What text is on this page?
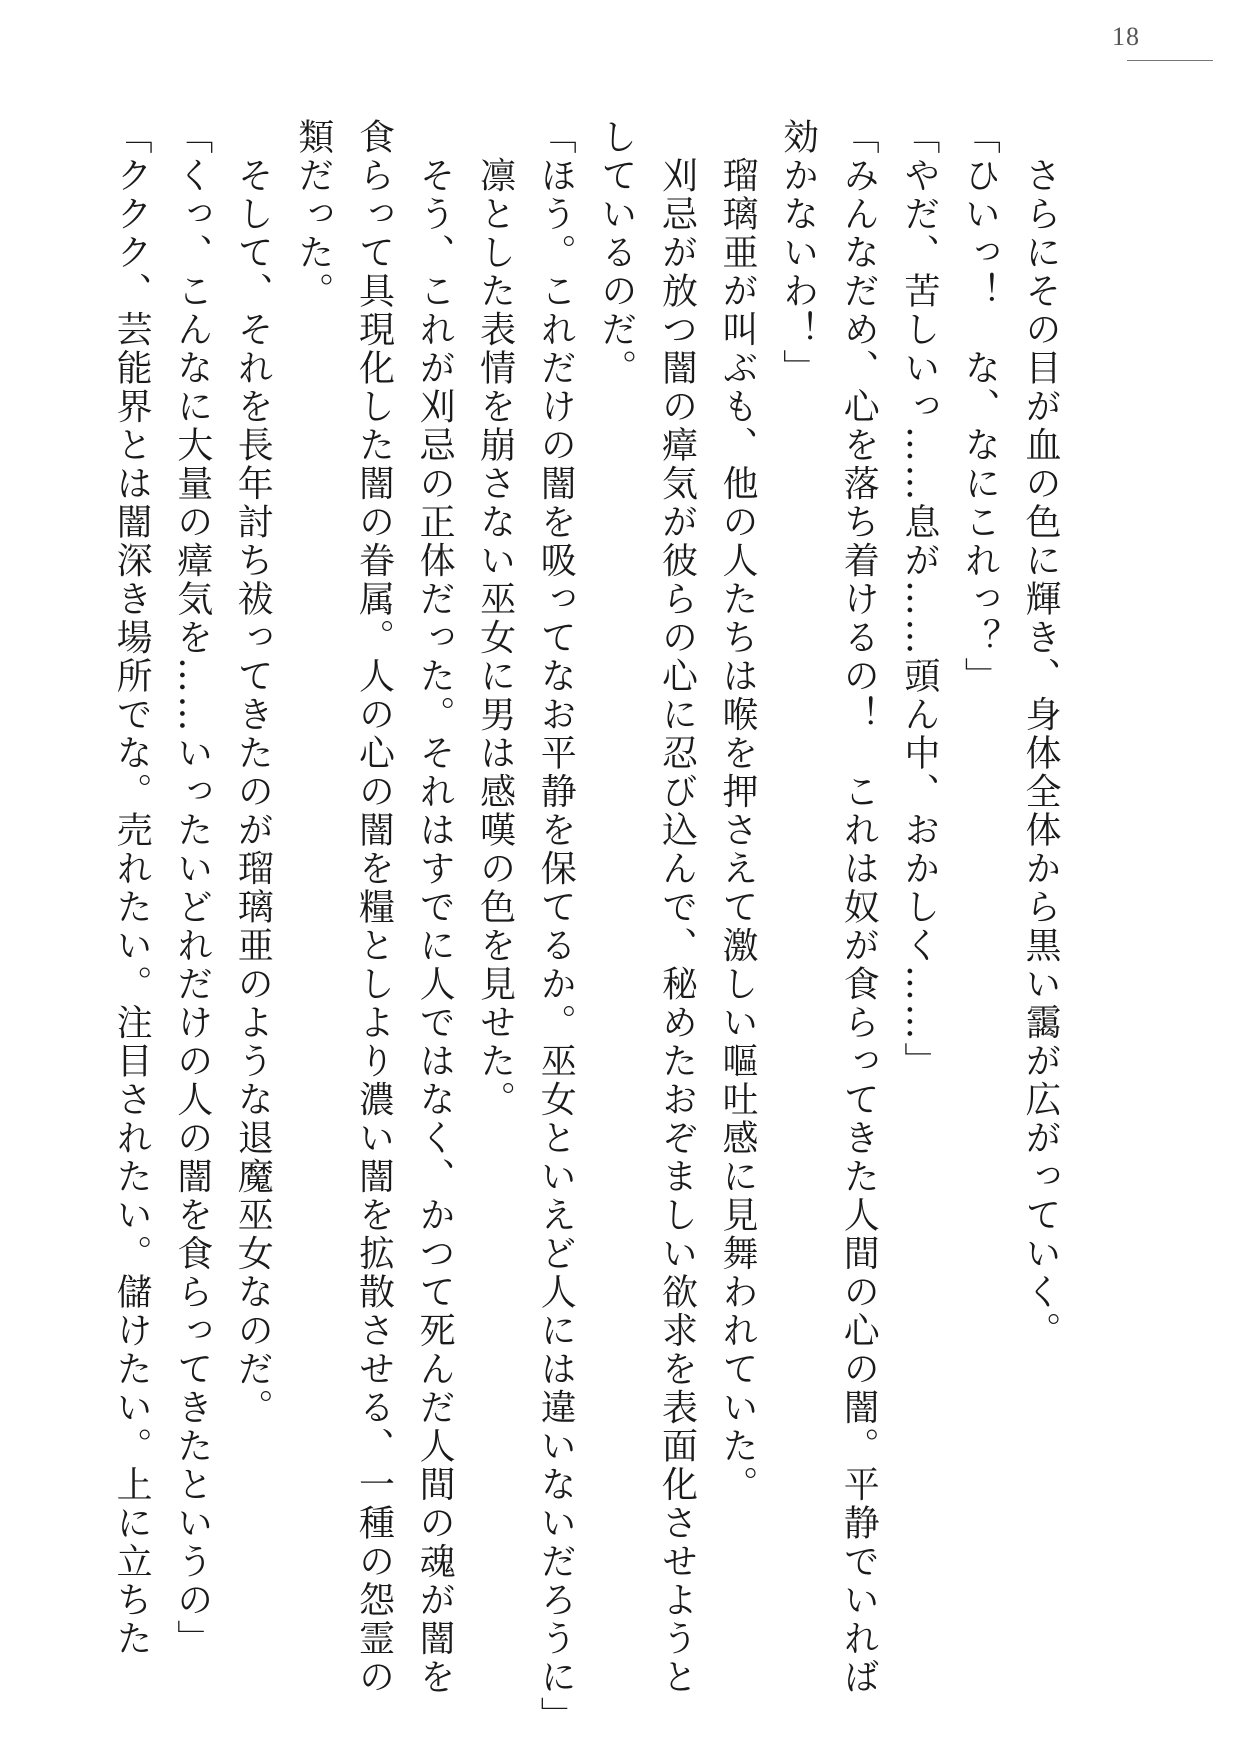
18

　さらにその目が血の色に輝き、身体全体から黒い靄が広がっていく。

「ひいっ！　な、なにこれっ？」

「やだ、苦しいっ……息が……頭ん中、おかしく……」

「みんなだめ、心を落ち着けるの！　これは奴が食らってきた人間の心の闇。平静でいれば効かないわ！」

　瑠璃亜が叫ぶも、他の人たちは喉を押さえて激しい嘔吐感に見舞われていた。

　刈忌が放つ闇の瘴気が彼らの心に忍び込んで、秘めたおぞましい欲求を表面化させようとしているのだ。

「ほう。これだけの闇を吸ってなお平静を保てるか。巫女といえど人には違いないだろうに」

　凛とした表情を崩さない巫女に男は感嘆の色を見せた。

　そう、これが刈忌の正体だった。それはすでに人ではなく、かつて死んだ人間の魂が闇を食らって具現化した闇の眷属。人の心の闇を糧としより濃い闇を拡散させる、一種の怨霊の類だった。

　そして、それを長年討ち祓ってきたのが瑠璃亜のような退魔巫女なのだ。

「くっ、こんなに大量の瘴気を……いったいどれだけの人の闇を食らってきたというの」

「ククク、芸能界とは闇深き場所でな。売れたい。注目されたい。儲けたい。上に立ちた
